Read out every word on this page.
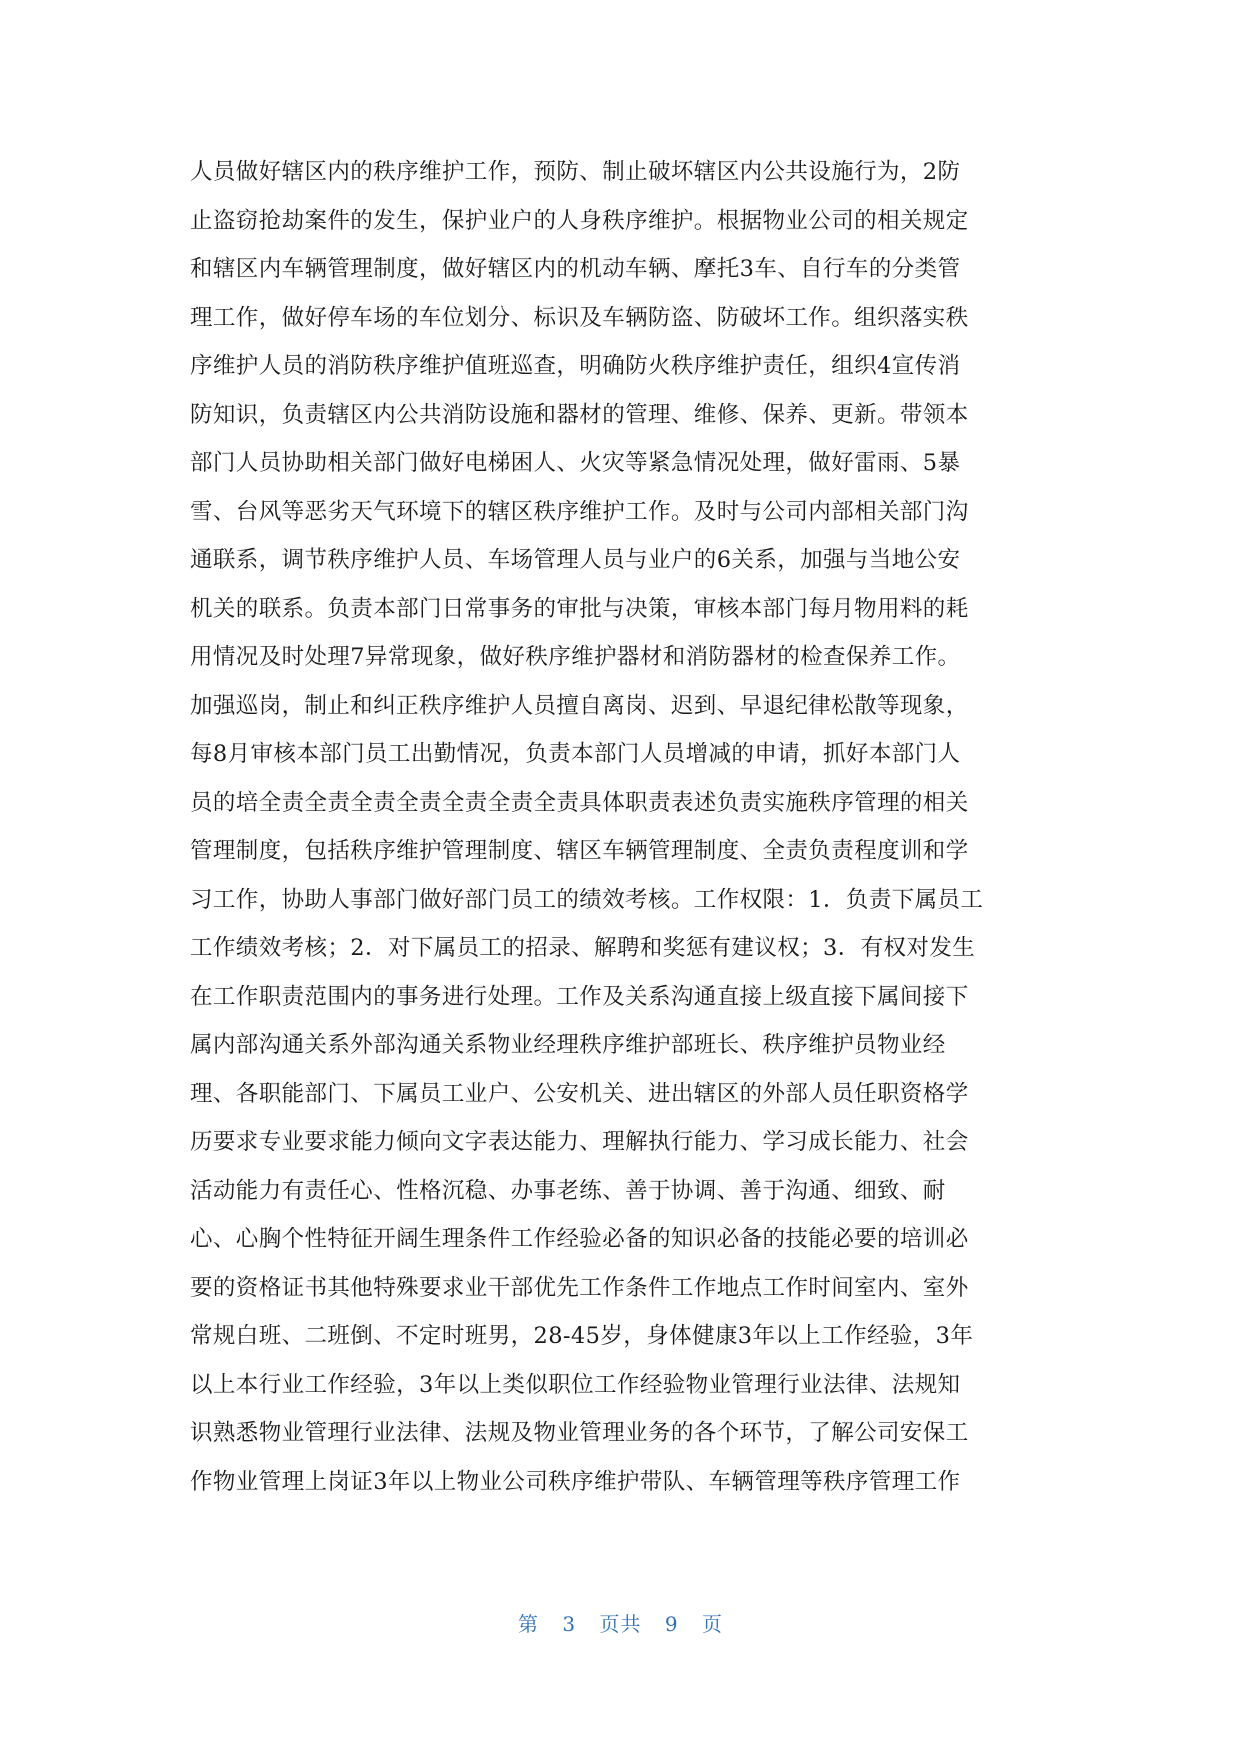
人员做好辖区内的秩序维护工作，预防、制止破坏辖区内公共设施行为，2防
止盗窃抢劫案件的发生，保护业户的人身秩序维护。根据物业公司的相关规定
和辖区内车辆管理制度，做好辖区内的机动车辆、摩托3车、自行车的分类管
理工作，做好停车场的车位划分、标识及车辆防盗、防破坏工作。组织落实秩
序维护人员的消防秩序维护值班巡查，明确防火秩序维护责任，组织4宣传消
防知识，负责辖区内公共消防设施和器材的管理、维修、保养、更新。带领本
部门人员协助相关部门做好电梯困人、火灾等紧急情况处理，做好雷雨、5暴
雪、台风等恶劣天气环境下的辖区秩序维护工作。及时与公司内部相关部门沟
通联系，调节秩序维护人员、车场管理人员与业户的6关系，加强与当地公安
机关的联系。负责本部门日常事务的审批与决策，审核本部门每月物用料的耗
用情况及时处理7异常现象，做好秩序维护器材和消防器材的检查保养工作。
加强巡岗，制止和纠正秩序维护人员擅自离岗、迟到、早退纪律松散等现象，
每8月审核本部门员工出勤情况，负责本部门人员增减的申请，抓好本部门人
员的培全责全责全责全责全责全责全责具体职责表述负责实施秩序管理的相关
管理制度，包括秩序维护管理制度、辖区车辆管理制度、全责负责程度训和学
习工作，协助人事部门做好部门员工的绩效考核。工作权限：1．负责下属员工
工作绩效考核；2．对下属员工的招录、解聘和奖惩有建议权；3．有权对发生
在工作职责范围内的事务进行处理。工作及关系沟通直接上级直接下属间接下
属内部沟通关系外部沟通关系物业经理秩序维护部班长、秩序维护员物业经
理、各职能部门、下属员工业户、公安机关、进出辖区的外部人员任职资格学
历要求专业要求能力倾向文字表达能力、理解执行能力、学习成长能力、社会
活动能力有责任心、性格沉稳、办事老练、善于协调、善于沟通、细致、耐
心、心胸个性特征开阔生理条件工作经验必备的知识必备的技能必要的培训必
要的资格证书其他特殊要求业干部优先工作条件工作地点工作时间室内、室外
常规白班、二班倒、不定时班男，28-45岁，身体健康3年以上工作经验，3年
以上本行业工作经验，3年以上类似职位工作经验物业管理行业法律、法规知
识熟悉物业管理行业法律、法规及物业管理业务的各个环节，了解公司安保工
作物业管理上岗证3年以上物业公司秩序维护带队、车辆管理等秩序管理工作
第 3 页共 9 页
